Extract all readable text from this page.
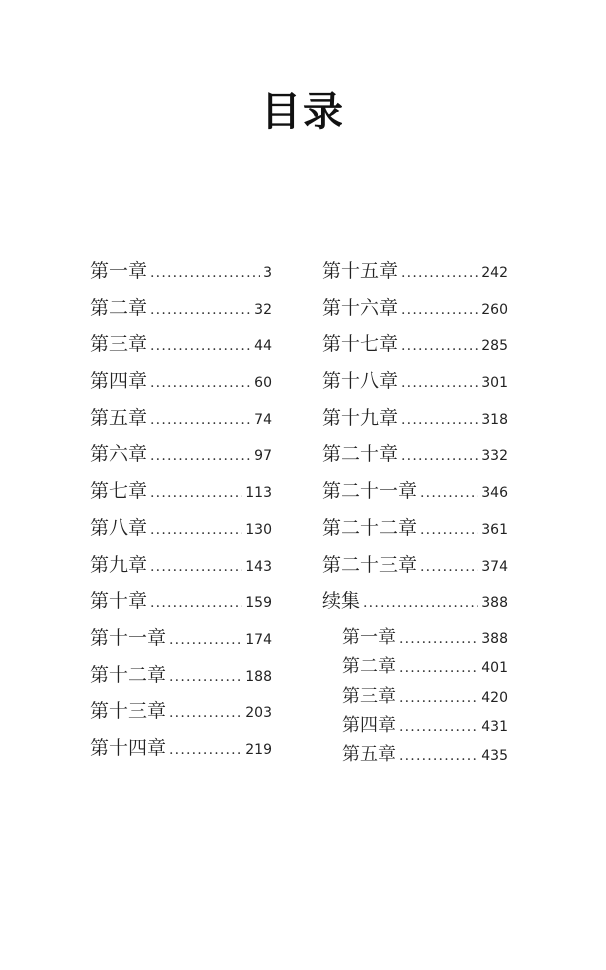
目录
第一章 .....	3
第二章 .....	32
第三章 .....	44
第四章 .....	60
第五章 .....	74
第六章 .....	97
第七章 .....	113
第八章 .....	130
第九章 .....	143
第十章 .....	159
第十一章 .....	174
第十二章 .....	188
第十三章 .....	203
第十四章 .....	219
第十五章 .....	242
第十六章 .....	260
第十七章 .....	285
第十八章 .....	301
第十九章 .....	318
第二十章 .....	332
第二十一章 .....	346
第二十二章 .....	361
第二十三章 .....	374
续集 .....	388
第一章 .....	388
第二章 .....	401
第三章 .....	420
第四章 .....	431
第五章 .....	435
